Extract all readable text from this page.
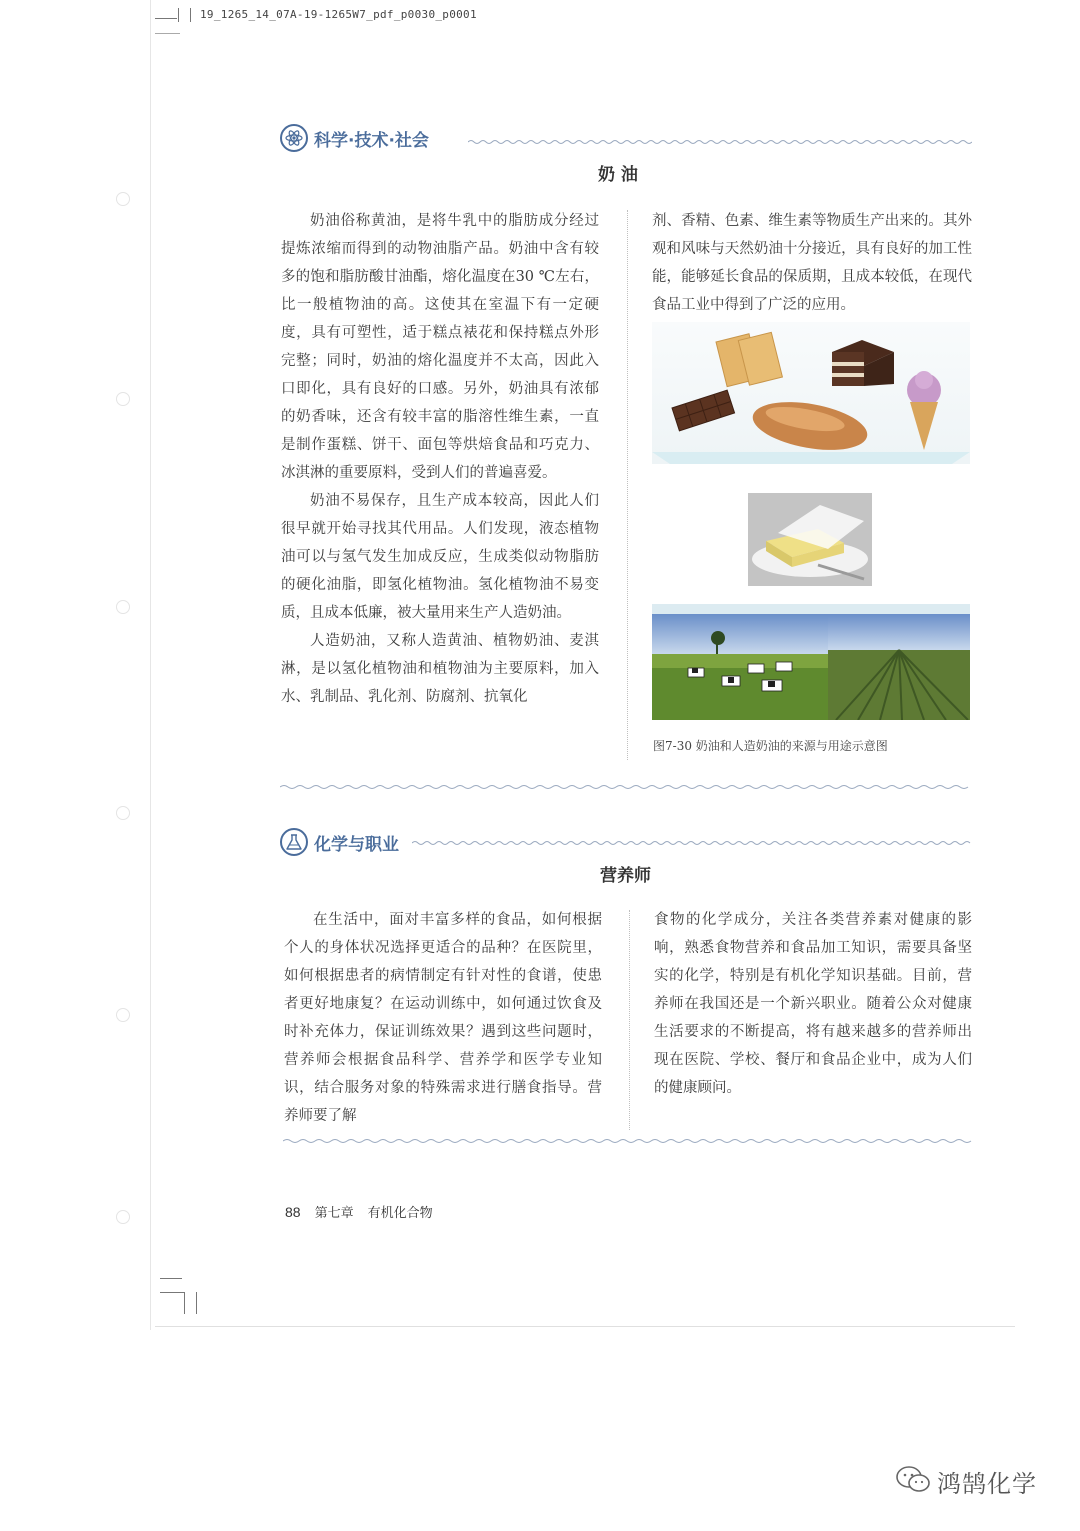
19_1265_14_07A-19-1265W7_pdf_p0030_p0001
科学·技术·社会
奶 油

奶油俗称黄油，是将牛乳中的脂肪成分经过提炼浓缩而得到的动物油脂产品。奶油中含有较多的饱和脂肪酸甘油酯，熔化温度在30 ℃左右，比一般植物油的高。这使其在室温下有一定硬度，具有可塑性，适于糕点裱花和保持糕点外形完整；同时，奶油的熔化温度并不太高，因此入口即化，具有良好的口感。另外，奶油具有浓郁的奶香味，还含有较丰富的脂溶性维生素，一直是制作蛋糕、饼干、面包等烘焙食品和巧克力、冰淇淋的重要原料，受到人们的普遍喜爱。

奶油不易保存，且生产成本较高，因此人们很早就开始寻找其代用品。人们发现，液态植物油可以与氢气发生加成反应，生成类似动物脂肪的硬化油脂，即氢化植物油。氢化植物油不易变质，且成本低廉，被大量用来生产人造奶油。

人造奶油，又称人造黄油、植物奶油、麦淇淋，是以氢化植物油和植物油为主要原料，加入水、乳制品、乳化剂、防腐剂、抗氧化

剂、香精、色素、维生素等物质生产出来的。其外观和风味与天然奶油十分接近，具有良好的加工性能，能够延长食品的保质期，且成本较低，在现代食品工业中得到了广泛的应用。

图7-30 奶油和人造奶油的来源与用途示意图
化学与职业
营养师

在生活中，面对丰富多样的食品，如何根据个人的身体状况选择更适合的品种？在医院里，如何根据患者的病情制定有针对性的食谱，使患者更好地康复？在运动训练中，如何通过饮食及时补充体力，保证训练效果？遇到这些问题时，营养师会根据食品科学、营养学和医学专业知识，结合服务对象的特殊需求进行膳食指导。营养师要了解

食物的化学成分，关注各类营养素对健康的影响，熟悉食物营养和食品加工知识，需要具备坚实的化学，特别是有机化学知识基础。目前，营养师在我国还是一个新兴职业。随着公众对健康生活要求的不断提高，将有越来越多的营养师出现在医院、学校、餐厅和食品企业中，成为人们的健康顾问。

88 第七章 有机化合物
鸿鹄化学
